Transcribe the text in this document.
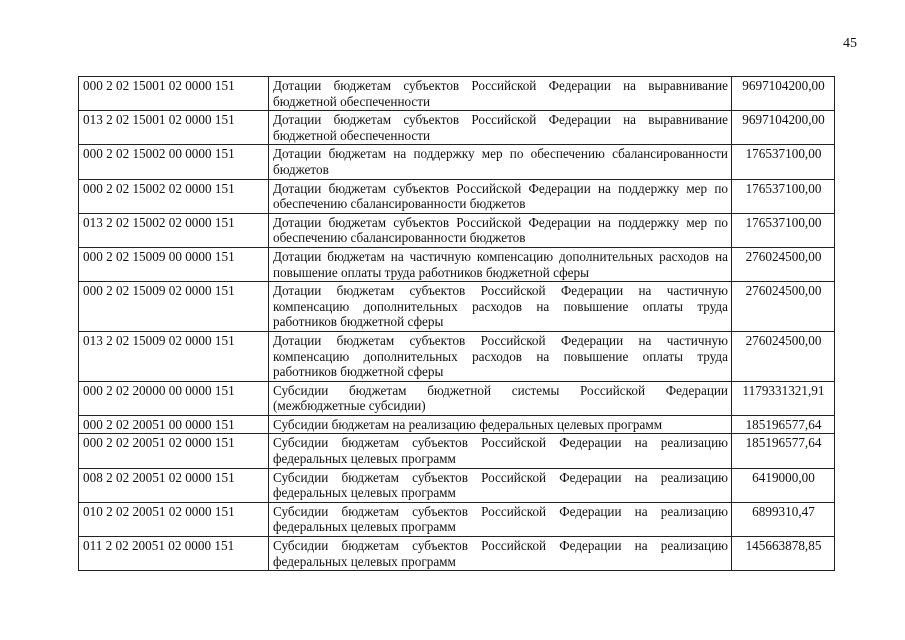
45
000 2 02 15001 02 0000 151	Дотации бюджетам субъектов Российской Федерации на выравнивание бюджетной обеспеченности	9697104200,00
013 2 02 15001 02 0000 151	Дотации бюджетам субъектов Российской Федерации на выравнивание бюджетной обеспеченности	9697104200,00
000 2 02 15002 00 0000 151	Дотации бюджетам на поддержку мер по обеспечению сбалансированности бюджетов	176537100,00
000 2 02 15002 02 0000 151	Дотации бюджетам субъектов Российской Федерации на поддержку мер по обеспечению сбалансированности бюджетов	176537100,00
013 2 02 15002 02 0000 151	Дотации бюджетам субъектов Российской Федерации на поддержку мер по обеспечению сбалансированности бюджетов	176537100,00
000 2 02 15009 00 0000 151	Дотации бюджетам на частичную компенсацию дополнительных расходов на повышение оплаты труда работников бюджетной сферы	276024500,00
000 2 02 15009 02 0000 151	Дотации бюджетам субъектов Российской Федерации на частичную компенсацию дополнительных расходов на повышение оплаты труда работников бюджетной сферы	276024500,00
013 2 02 15009 02 0000 151	Дотации бюджетам субъектов Российской Федерации на частичную компенсацию дополнительных расходов на повышение оплаты труда работников бюджетной сферы	276024500,00
000 2 02 20000 00 0000 151	Субсидии бюджетам бюджетной системы Российской Федерации (межбюджетные субсидии)	1179331321,91
000 2 02 20051 00 0000 151	Субсидии бюджетам на реализацию федеральных целевых программ	185196577,64
000 2 02 20051 02 0000 151	Субсидии бюджетам субъектов Российской Федерации на реализацию федеральных целевых программ	185196577,64
008 2 02 20051 02 0000 151	Субсидии бюджетам субъектов Российской Федерации на реализацию федеральных целевых программ	6419000,00
010 2 02 20051 02 0000 151	Субсидии бюджетам субъектов Российской Федерации на реализацию федеральных целевых программ	6899310,47
011 2 02 20051 02 0000 151	Субсидии бюджетам субъектов Российской Федерации на реализацию федеральных целевых программ	145663878,85
